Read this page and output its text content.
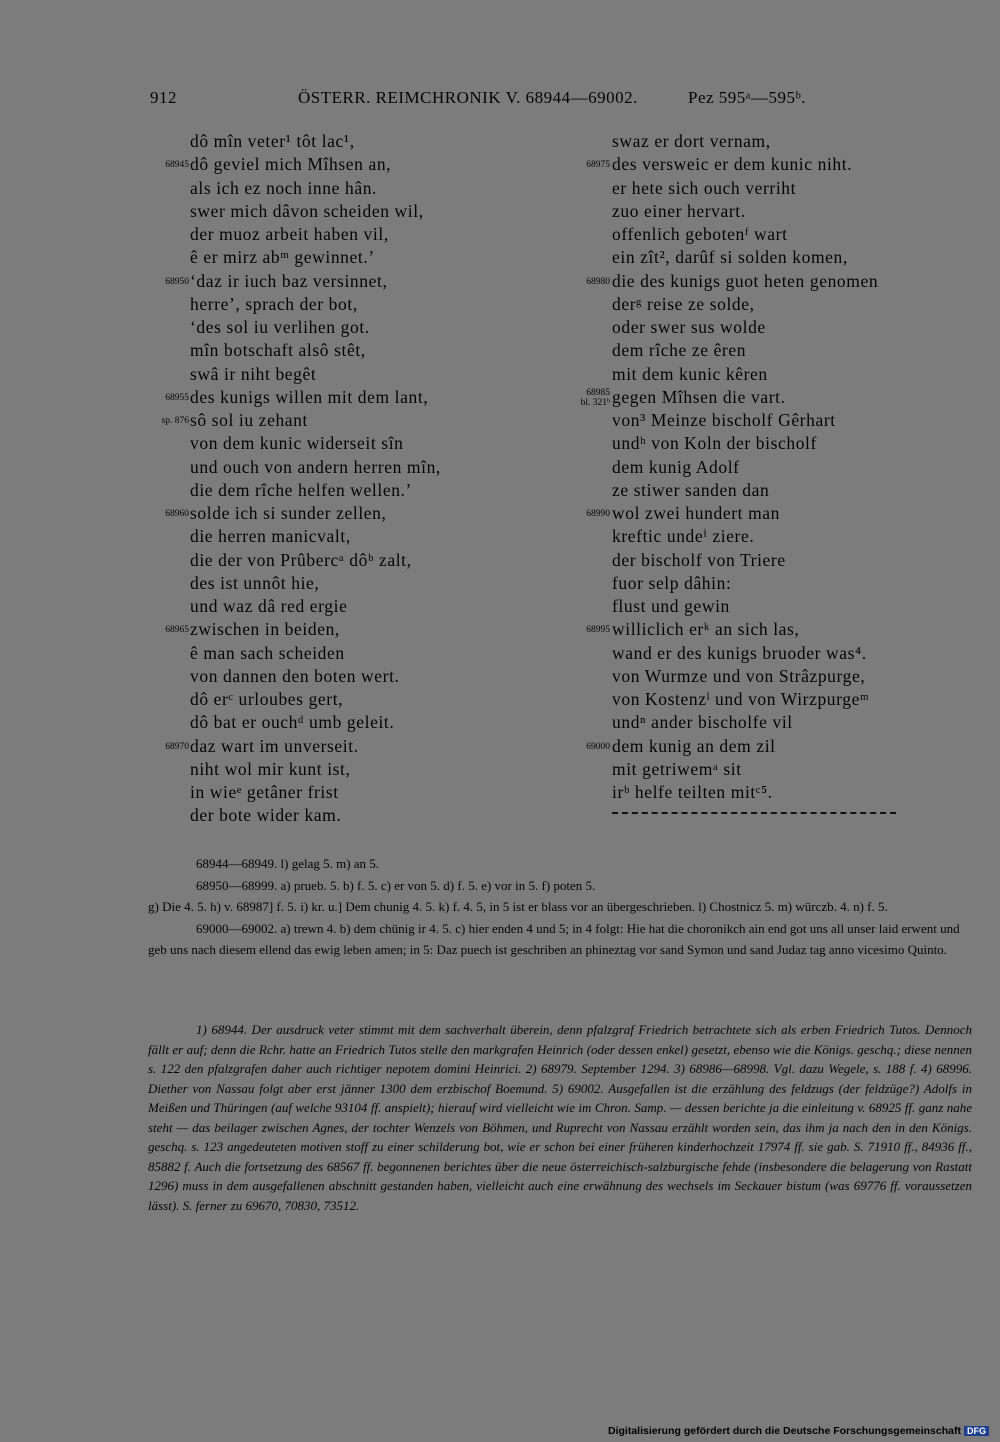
912	ÖSTERR. REIMCHRONIK V. 68944—69002.	Pez 595ᵃ—595ᵇ.
dô mîn veter¹ tôt lac¹,
dô geviel mich Mîhsen an,
68945
als ich ez noch inne hân.
swer mich dâvon scheiden wil,
der muoz arbeit haben vil,
ê er mirz abᵐ gewinnet.’
‘daz ir iuch baz versinnet,
68950
herre’, sprach der bot,
‘des sol iu verlihen got.
mîn botschaft alsô stêt,
swâ ir niht begêt
des kunigs willen mit dem lant,
68955
sô sol iu zehant
sp. 876
von dem kunic widerseit sîn
und ouch von andern herren mîn,
die dem rîche helfen wellen.’
solde ich si sunder zellen,
68960
die herren manicvalt,
die der von Prûbercᵃ dôᵇ zalt,
des ist unnôt hie,
und waz dâ red ergie
zwischen in beiden,
68965
ê man sach scheiden
von dannen den boten wert.
dô erᶜ urloubes gert,
dô bat er ouchᵈ umb geleit.
daz wart im unverseit.
68970
niht wol mir kunt ist,
in wieᵉ getâner frist
der bote wider kam.
swaz er dort vernam,
des versweic er dem kunic niht.
68975
er hete sich ouch verriht
zuo einer hervart.
offenlich gebotenᶠ wart
ein zît², darûf si solden komen,
die des kunigs guot heten genomen
68980
derᵍ reise ze solde,
oder swer sus wolde
dem rîche ze êren
mit dem kunic kêren
gegen Mîhsen die vart.
68985
bl. 321ᵇ
von³ Meinze bischolf Gêrhart
undʰ von Koln der bischolf
dem kunig Adolf
ze stiwer sanden dan
wol zwei hundert man
68990
kreftic undeⁱ ziere.
der bischolf von Triere
fuor selp dâhin:
flust und gewin
williclich erᵏ an sich las,
68995
wand er des kunigs bruoder was⁴.
von Wurmze und von Strâzpurge,
von Kostenzˡ und von Wirzpurgeᵐ
undⁿ ander bischolfe vil
dem kunig an dem zil
69000
mit getriwemᵃ sit
irᵇ helfe teilten mitᶜ⁵.

68944—68949. l) gelag 5. m) an 5.

68950—68999. a) prueb. 5. b) f. 5. c) er von 5. d) f. 5. e) vor in 5. f) poten 5.

g) Die 4. 5. h) v. 68987] f. 5. i) kr. u.] Dem chunig 4. 5. k) f. 4. 5, in 5 ist er blass vor an übergeschrieben. l) Chostnicz 5. m) würczb. 4. n) f. 5.

69000—69002. a) trewn 4. b) dem chünig ir 4. 5. c) hier enden 4 und 5; in 4 folgt: Hie hat die choronikch ain end got uns all unser laid erwent und geb uns nach diesem ellend das ewig leben amen; in 5: Daz puech ist geschriben an phineztag vor sand Symon und sand Judaz tag anno vicesimo Quinto.

1) 68944. Der ausdruck veter stimmt mit dem sachverhalt überein, denn pfalzgraf Friedrich betrachtete sich als erben Friedrich Tutos. Dennoch fällt er auf; denn die Rchr. hatte an Friedrich Tutos stelle den markgrafen Heinrich (oder dessen enkel) gesetzt, ebenso wie die Königs. geschq.; diese nennen s. 122 den pfalzgrafen daher auch richtiger nepotem domini Heinrici. 2) 68979. September 1294. 3) 68986—68998. Vgl. dazu Wegele, s. 188 f. 4) 68996. Diether von Nassau folgt aber erst jänner 1300 dem erzbischof Boemund. 5) 69002. Ausgefallen ist die erzählung des feldzugs (der feldzüge?) Adolfs in Meißen und Thüringen (auf welche 93104 ff. anspielt); hierauf wird vielleicht wie im Chron. Samp. — dessen berichte ja die einleitung v. 68925 ff. ganz nahe steht — das beilager zwischen Agnes, der tochter Wenzels von Böhmen, und Ruprecht von Nassau erzählt worden sein, das ihm ja nach den in den Königs. geschq. s. 123 angedeuteten motiven stoff zu einer schilderung bot, wie er schon bei einer früheren kinderhochzeit 17974 ff. sie gab. S. 71910 ff., 84936 ff., 85882 f. Auch die fortsetzung des 68567 ff. begonnenen berichtes über die neue österreichisch-salzburgische fehde (insbesondere die belagerung von Rastatt 1296) muss in dem ausgefallenen abschnitt gestanden haben, vielleicht auch eine erwähnung des wechsels im Seckauer bistum (was 69776 ff. voraussetzen lässt). S. ferner zu 69670, 70830, 73512.
Digitalisierung gefördert durch die Deutsche Forschungsgemeinschaft DFG
